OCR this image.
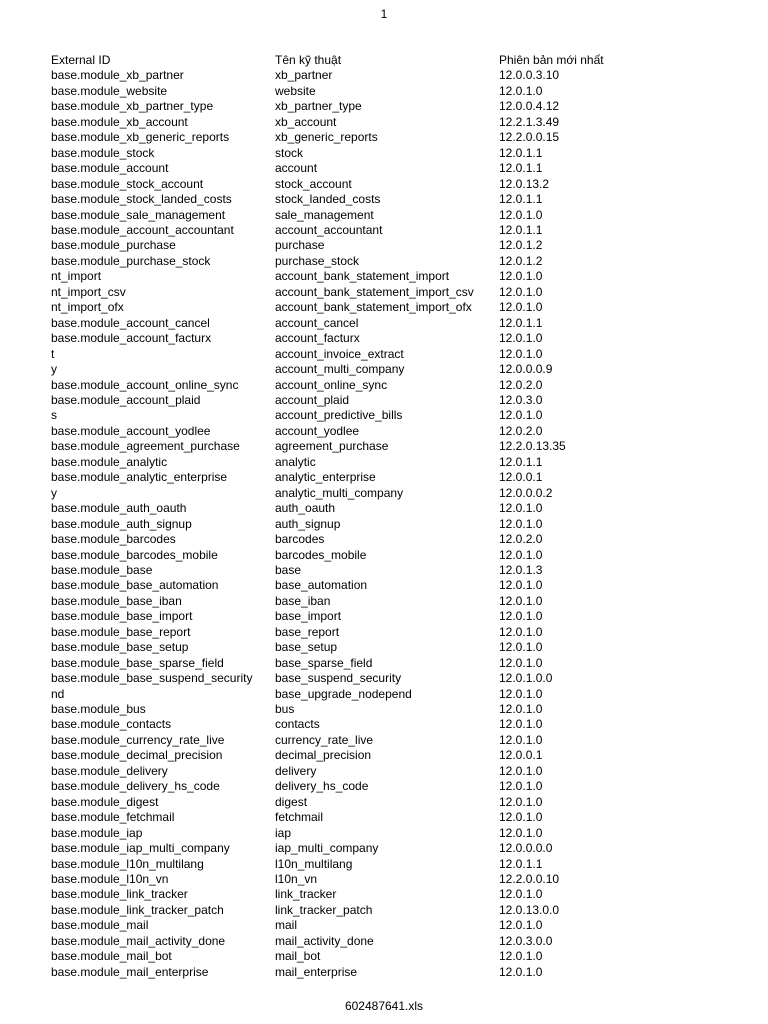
1
External ID	Tên kỹ thuật	Phiên bản mới nhất
base.module_xb_partner	xb_partner	12.0.0.3.10
base.module_website	website	12.0.1.0
base.module_xb_partner_type	xb_partner_type	12.0.0.4.12
base.module_xb_account	xb_account	12.2.1.3.49
base.module_xb_generic_reports	xb_generic_reports	12.2.0.0.15
base.module_stock	stock	12.0.1.1
base.module_account	account	12.0.1.1
base.module_stock_account	stock_account	12.0.13.2
base.module_stock_landed_costs	stock_landed_costs	12.0.1.1
base.module_sale_management	sale_management	12.0.1.0
base.module_account_accountant	account_accountant	12.0.1.1
base.module_purchase	purchase	12.0.1.2
base.module_purchase_stock	purchase_stock	12.0.1.2
nt_import	account_bank_statement_import	12.0.1.0
nt_import_csv	account_bank_statement_import_csv	12.0.1.0
nt_import_ofx	account_bank_statement_import_ofx	12.0.1.0
base.module_account_cancel	account_cancel	12.0.1.1
base.module_account_facturx	account_facturx	12.0.1.0
t	account_invoice_extract	12.0.1.0
y	account_multi_company	12.0.0.0.9
base.module_account_online_sync	account_online_sync	12.0.2.0
base.module_account_plaid	account_plaid	12.0.3.0
s	account_predictive_bills	12.0.1.0
base.module_account_yodlee	account_yodlee	12.0.2.0
base.module_agreement_purchase	agreement_purchase	12.2.0.13.35
base.module_analytic	analytic	12.0.1.1
base.module_analytic_enterprise	analytic_enterprise	12.0.0.1
y	analytic_multi_company	12.0.0.0.2
base.module_auth_oauth	auth_oauth	12.0.1.0
base.module_auth_signup	auth_signup	12.0.1.0
base.module_barcodes	barcodes	12.0.2.0
base.module_barcodes_mobile	barcodes_mobile	12.0.1.0
base.module_base	base	12.0.1.3
base.module_base_automation	base_automation	12.0.1.0
base.module_base_iban	base_iban	12.0.1.0
base.module_base_import	base_import	12.0.1.0
base.module_base_report	base_report	12.0.1.0
base.module_base_setup	base_setup	12.0.1.0
base.module_base_sparse_field	base_sparse_field	12.0.1.0
base.module_base_suspend_security	base_suspend_security	12.0.1.0.0
nd	base_upgrade_nodepend	12.0.1.0
base.module_bus	bus	12.0.1.0
base.module_contacts	contacts	12.0.1.0
base.module_currency_rate_live	currency_rate_live	12.0.1.0
base.module_decimal_precision	decimal_precision	12.0.0.1
base.module_delivery	delivery	12.0.1.0
base.module_delivery_hs_code	delivery_hs_code	12.0.1.0
base.module_digest	digest	12.0.1.0
base.module_fetchmail	fetchmail	12.0.1.0
base.module_iap	iap	12.0.1.0
base.module_iap_multi_company	iap_multi_company	12.0.0.0.0
base.module_l10n_multilang	l10n_multilang	12.0.1.1
base.module_l10n_vn	l10n_vn	12.2.0.0.10
base.module_link_tracker	link_tracker	12.0.1.0
base.module_link_tracker_patch	link_tracker_patch	12.0.13.0.0
base.module_mail	mail	12.0.1.0
base.module_mail_activity_done	mail_activity_done	12.0.3.0.0
base.module_mail_bot	mail_bot	12.0.1.0
base.module_mail_enterprise	mail_enterprise	12.0.1.0
602487641.xls
